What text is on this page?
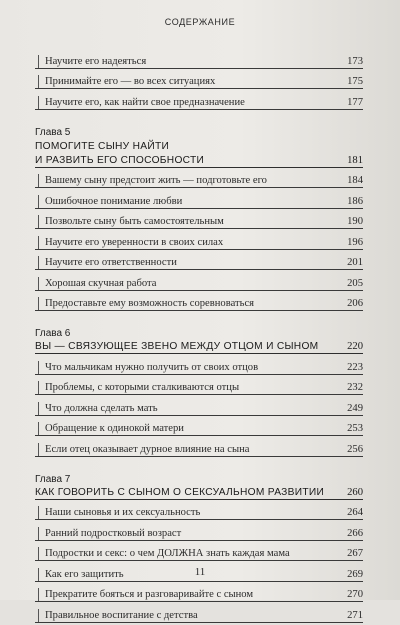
СОДЕРЖАНИЕ
Научите его надеяться	173
Принимайте его — во всех ситуациях	175
Научите его, как найти свое предназначение	177
Глава 5
ПОМОГИТЕ СЫНУ НАЙТИ
И РАЗВИТЬ ЕГО СПОСОБНОСТИ	181
Вашему сыну предстоит жить — подготовьте его	184
Ошибочное понимание любви	186
Позвольте сыну быть самостоятельным	190
Научите его уверенности в своих силах	196
Научите его ответственности	201
Хорошая скучная работа	205
Предоставьте ему возможность соревноваться	206
Глава 6
ВЫ — СВЯЗУЮЩЕЕ ЗВЕНО МЕЖДУ ОТЦОМ И СЫНОМ	220
Что мальчикам нужно получить от своих отцов	223
Проблемы, с которыми сталкиваются отцы	232
Что должна сделать мать	249
Обращение к одинокой матери	253
Если отец оказывает дурное влияние на сына	256
Глава 7
КАК ГОВОРИТЬ С СЫНОМ О СЕКСУАЛЬНОМ РАЗВИТИИ 260
Наши сыновья и их сексуальность	264
Ранний подростковый возраст	266
Подростки и секс: о чем ДОЛЖНА знать каждая мама	267
Как его защитить	269
Прекратите бояться и разговаривайте с сыном	270
Правильное воспитание с детства	271
11
